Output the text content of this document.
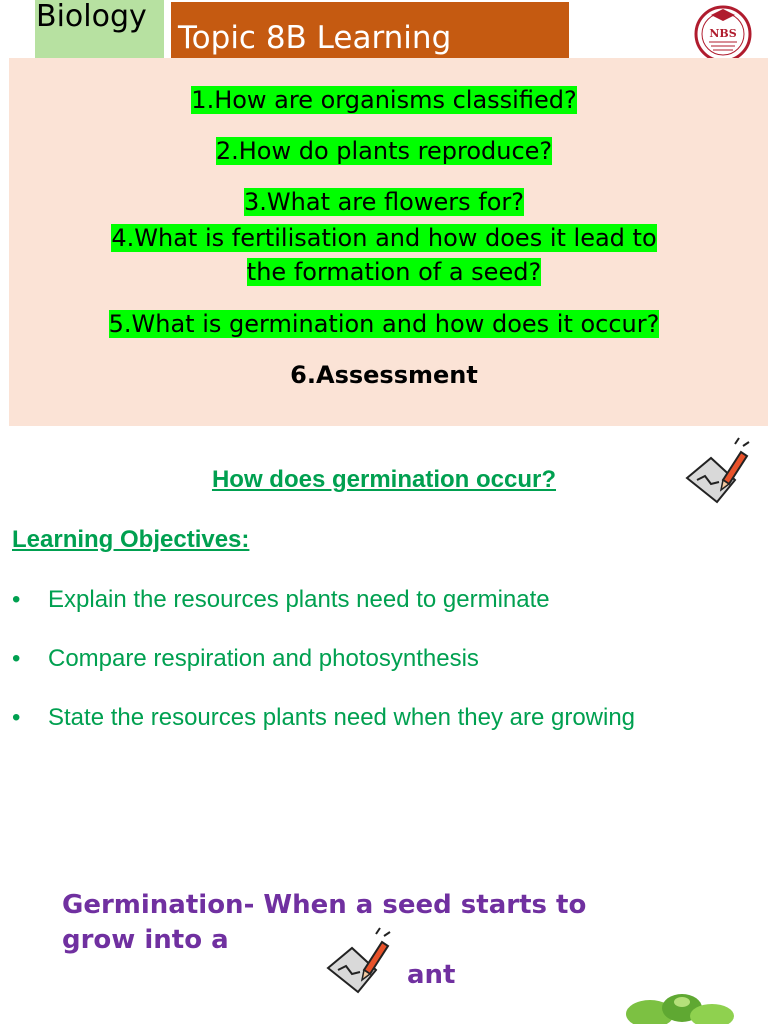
Biology
Topic 8B Learning	NBS
1.How are organisms classified?
2.How do plants reproduce?
3.What are flowers for?
4.What is fertilisation and how does it lead to
the formation of a seed?
5.What is germination and how does it occur?
6.Assessment
How does germination occur?
Learning Objectives:
• Explain the resources plants need to germinate
• Compare respiration and photosynthesis
• State the resources plants need when they are growing
Germination- When a seed starts to
grow into a
ant
